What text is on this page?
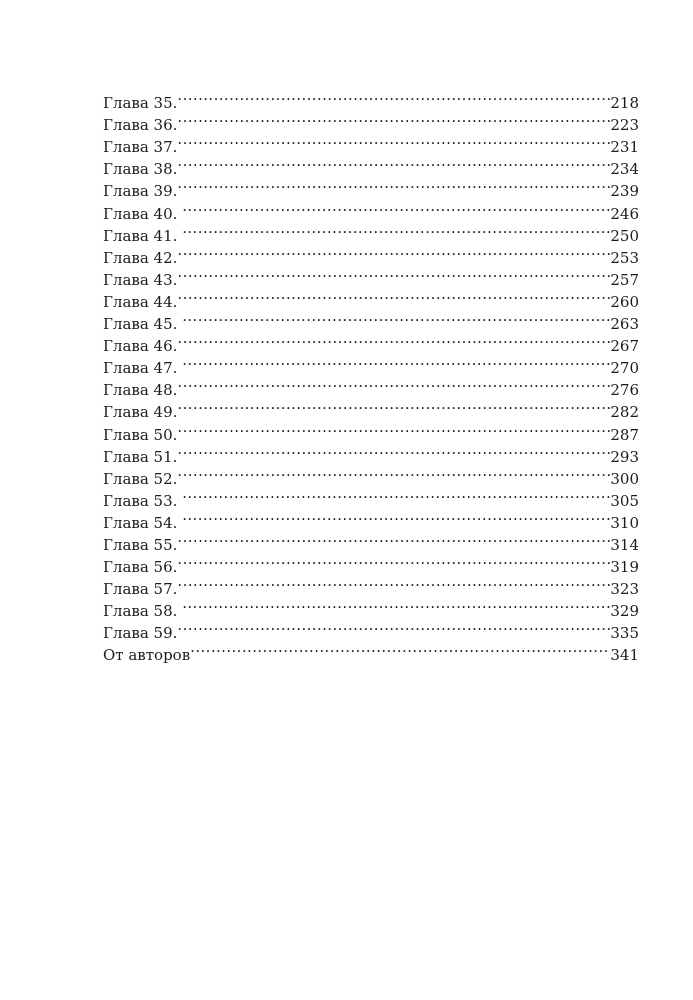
Глава 35. .....	218
Глава 36. .....	223
Глава 37. .....	231
Глава 38. .....	234
Глава 39. .....	239
Глава 40. .....	246
Глава 41. .....	250
Глава 42. .....	253
Глава 43. .....	257
Глава 44. .....	260
Глава 45. .....	263
Глава 46. .....	267
Глава 47. .....	270
Глава 48. .....	276
Глава 49. .....	282
Глава 50. .....	287
Глава 51. .....	293
Глава 52. .....	300
Глава 53. .....	305
Глава 54. .....	310
Глава 55. .....	314
Глава 56. .....	319
Глава 57. .....	323
Глава 58. .....	329
Глава 59. .....	335
От авторов .....	341
